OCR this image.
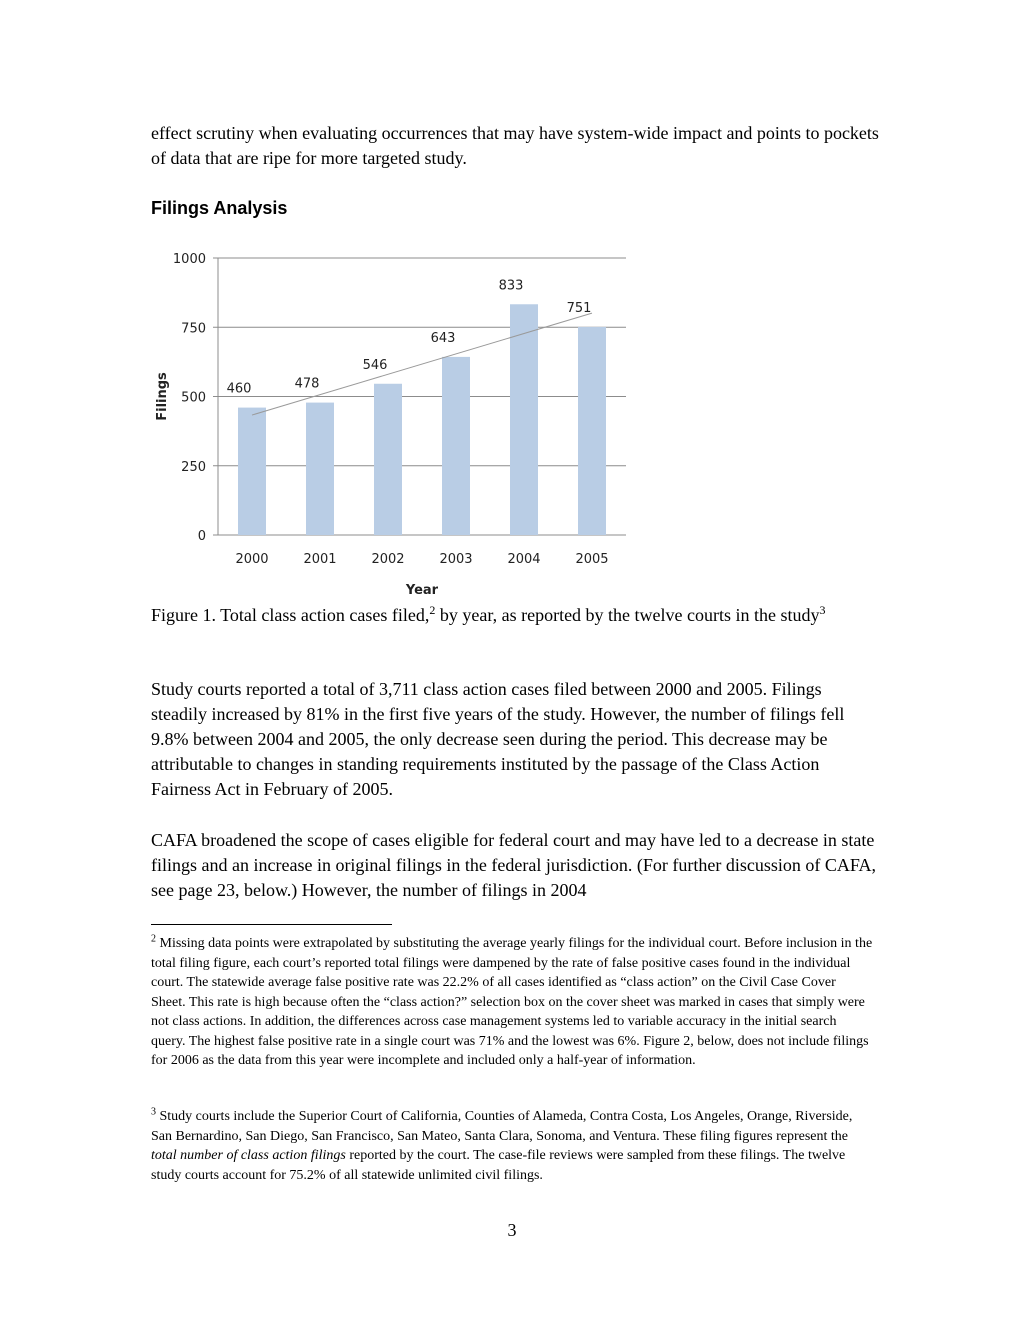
effect scrutiny when evaluating occurrences that may have system-wide impact and points to pockets of data that are ripe for more targeted study.

Filings Analysis

460	478
546
643
833
751
0
250
500
750
1000
2000	2001	2002	2003	2004	2005
Year
Filings

Figure 1. Total class action cases filed,$^2$ by year, as reported by the twelve courts in the study$^3$

Study courts reported a total of 3,711 class action cases filed between 2000 and 2005. Filings steadily increased by 81% in the first five years of the study. However, the number of filings fell 9.8% between 2004 and 2005, the only decrease seen during the period. This decrease may be attributable to changes in standing requirements instituted by the passage of the Class Action Fairness Act in February of 2005.

CAFA broadened the scope of cases eligible for federal court and may have led to a decrease in state filings and an increase in original filings in the federal jurisdiction. (For further discussion of CAFA, see page 23, below.) However, the number of filings in 2004

$^2$ Missing data points were extrapolated by substituting the average yearly filings for the individual court. Before inclusion in the total filing figure, each court’s reported total filings were dampened by the rate of false positive cases found in the individual court. The statewide average false positive rate was 22.2% of all cases identified as “class action” on the Civil Case Cover Sheet. This rate is high because often the “class action?” selection box on the cover sheet was marked in cases that simply were not class actions. In addition, the differences across case management systems led to variable accuracy in the initial search query. The highest false positive rate in a single court was 71% and the lowest was 6%. Figure 2, below, does not include filings for 2006 as the data from this year were incomplete and included only a half-year of information.

$^3$ Study courts include the Superior Court of California, Counties of Alameda, Contra Costa, Los Angeles, Orange, Riverside, San Bernardino, San Diego, San Francisco, San Mateo, Santa Clara, Sonoma, and Ventura. These filing figures represent the total number of class action filings reported by the court. The case-file reviews were sampled from these filings. The twelve study courts account for 75.2% of all statewide unlimited civil filings.

3
